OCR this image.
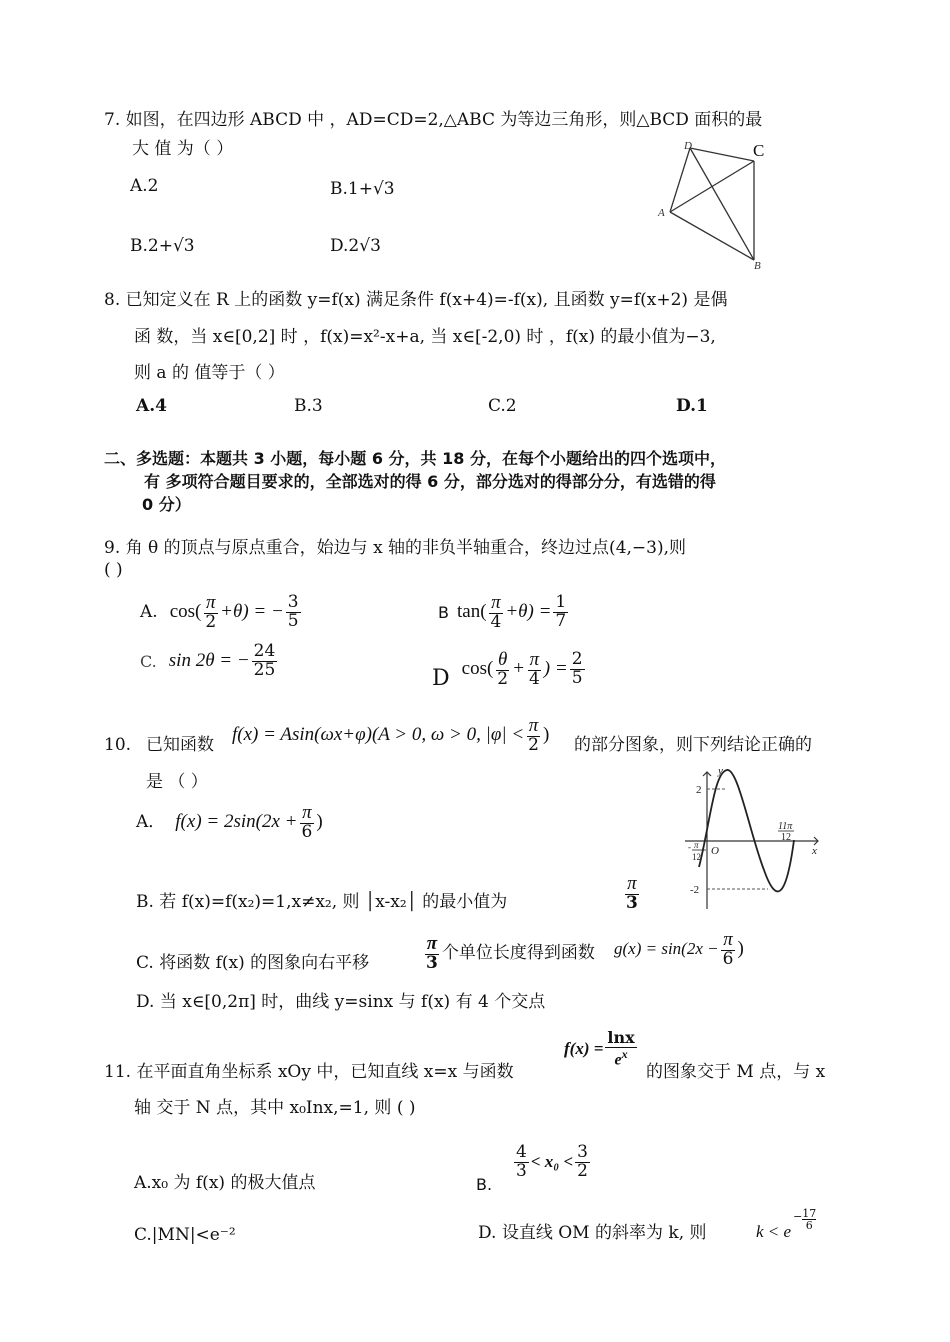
7. 如图，在四边形 ABCD 中 ，AD=CD=2,△ABC 为等边三角形，则△BCD 面积的最
大 值 为（ ）
A.2	B.1+√3
B.2+√3	D.2√3
D	C
A
B
8. 已知定义在 R 上的函数 y=f(x) 满足条件 f(x+4)=-f(x), 且函数 y=f(x+2) 是偶
函 数，当 x∈[0,2] 时 ，f(x)=x²-x+a, 当 x∈[-2,0) 时 ，f(x) 的最小值为−3,
则 a 的 值等于（ ）
A.4	B.3	C.2	D.1
二、多选题：本题共 3 小题，每小题 6 分，共 18 分，在每个小题给出的四个选项中，
有 多项符合题目要求的，全部选对的得 6 分，部分选对的得部分分，有选错的得
0 分）
9. 角 θ 的顶点与原点重合，始边与 x 轴的非负半轴重合，终边过点(4,−3),则
( )
A. $\cos( \frac{\pi}{2} +\theta)$ = − $\frac{3}{5}$	B $\tan( \frac{\pi}{4} +\theta) = \frac{1}{7}$
C. sin 2θ = − $\frac{24}{25}$	D $\cos( \frac{\theta}{2} + \frac{\pi}{4}$ ) = $\frac{2}{5}$
10. 已知函数
f(x) = Asin(ωx+φ)(A > 0, ω > 0, $|\varphi| < \frac{\pi}{2}$ )
的部分图象，则下列结论正确的
是 （ ）
A． $f(x) = 2\sin(2x + \frac{\pi}{6}$ )
B. 若 f(x)=f(x₂)=1,x≠x₂, 则 │x-x₂│ 的最小值为	$\frac{\pi}{3}$
C. 将函数 f(x) 的图象向右平移	$\frac{\pi}{3}$ 个单位长度得到函数 $g(x) = \sin(2x - \frac{\pi}{6}$ )
D. 当 x∈[0,2π] 时，曲线 y=sinx 与 f(x) 有 4 个交点
y
x
2
-2
O
- π
12
11π
12
11. 在平面直角坐标系 xOy 中，已知直线 x=x 与函数
$f(x) = \frac{\ln x}{e^x}$
的图象交于 M 点，与 x
轴 交于 N 点，其中 x₀Inx,=1, 则 ( )
A.x₀ 为 f(x) 的极大值点	B.
$\frac{4}{3} < x_0 < \frac{3}{2}$
C.|MN|<e⁻²	D. 设直线 OM 的斜率为 k, 则	k < e
− $\frac{17}{6}$
